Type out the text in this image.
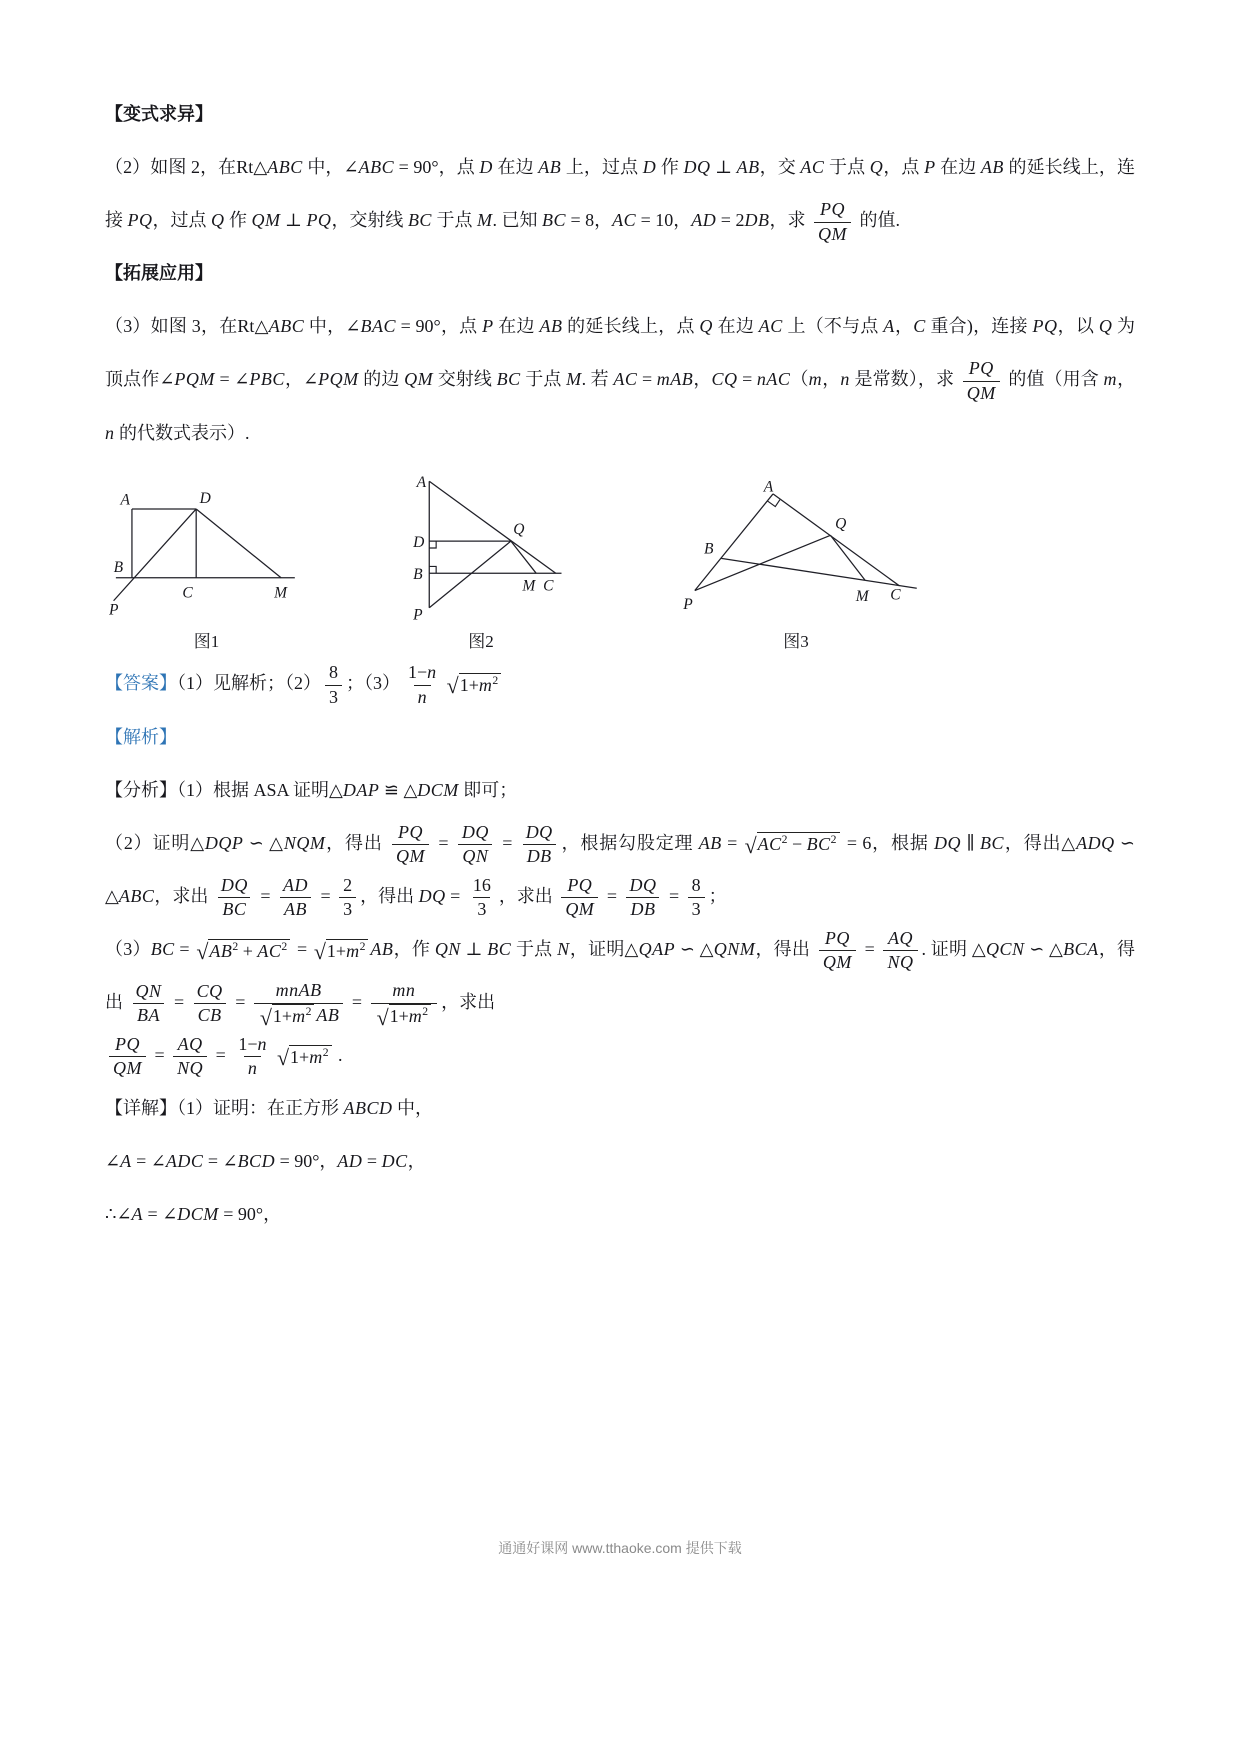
【变式求异】
（2）如图 2，在Rt△ABC 中，∠ABC = 90°，点 D 在边 AB 上，过点 D 作 DQ ⊥ AB，交 AC 于点 Q，点 P 在边 AB 的延长线上，连接 PQ，过点 Q 作 QM ⊥ PQ，交射线 BC 于点 M. 已知 BC = 8，AC = 10，AD = 2DB，求 $\frac{PQ}{QM}$ 的值.
【拓展应用】
（3）如图 3，在Rt△ABC 中，∠BAC = 90°，点 P 在边 AB 的延长线上，点 Q 在边 AC 上（不与点 A，C 重合)，连接 PQ，以 Q 为顶点作∠PQM = ∠PBC，∠PQM 的边 QM 交射线 BC 于点 M. 若 AC = mAB，CQ = nAC（m，n 是常数），求 $\frac{PQ}{QM}$ 的值（用含 m，n 的代数式表示）.
A	D
B
P
C	M
图1
A
D
B
P
Q
M C
图2
A
Q
B
P	M C
图3
【答案】（1）见解析；$(2) \frac{8}{3}$ ；$(3) \frac{1-n}{n}$ √ $1+m^2$
【解析】
【分析】（1）根据 ASA 证明△DAP ≌ △DCM 即可；
（2）证明△DQP ∽ △NQM，得出 $\frac{PQ}{QM} = \frac{DQ}{QN} = \frac{DQ}{DB}$ ，根据勾股定理 AB = √ $AC^2 - BC^2 = 6$，根据 DQ ∥ BC，得出△ADQ ∽ △ABC，求出 $\frac{DQ}{BC} = \frac{AD}{AB} = \frac{2}{3}$ ，得出 DQ = $\frac{16}{3}$ ，求出 $\frac{PQ}{QM} = \frac{DQ}{DB} = \frac{8}{3}$ ；
（3）BC = √ $AB^2 + AC^2$ = √ $1+m^2$ AB，作 QN ⊥ BC 于点 N，证明△QAP ∽ △QNM，得出 $\frac{PQ}{QM} = \frac{AQ}{NQ}$ . 证明 △QCN ∽ △BCA，得出 $\frac{QN}{BA} = \frac{CQ}{CB} = \frac{\text{mnAB}}{√ 1+m^2 AB} = \frac{mn}{√ 1+m^2}$ ，求出
$\frac{PQ}{QM} = \frac{AQ}{NQ} = \frac{1-n}{n}$ √ $1+m^2$ .
【详解】（1）证明：在正方形 ABCD 中，
∠A = ∠ADC = ∠BCD = 90°，AD = DC，
∴∠A = ∠DCM = 90°，
通通好课网 www.tthaoke.com 提供下载
